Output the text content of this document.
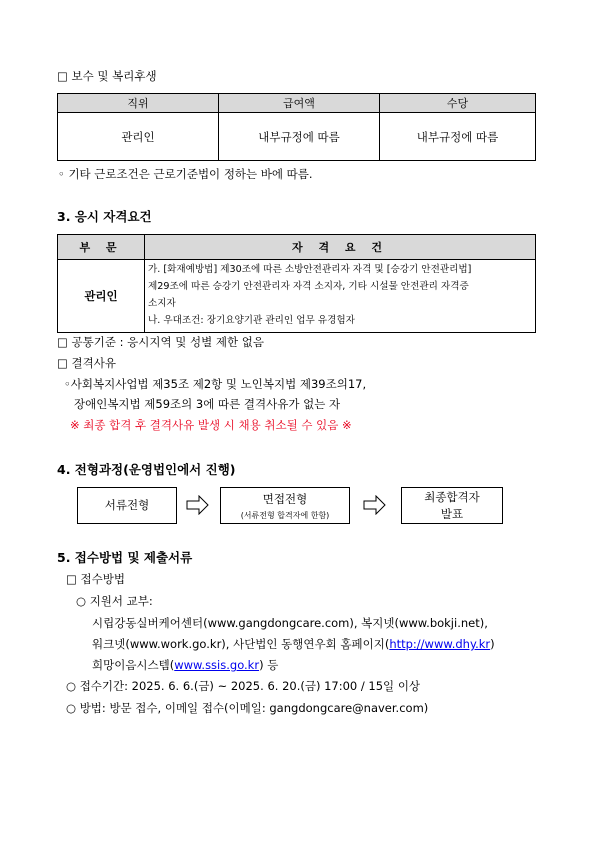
□ 보수 및 복리후생
직위	급여액	수당
관리인	내부규정에 따름	내부규정에 따름
◦ 기타 근로조건은 근로기준법이 정하는 바에 따름.
3. 응시 자격요건
부 문	자 격 요 건
관리인	가. [화재예방법] 제30조에 따른 소방안전관리자 자격 및 [승강기 안전관리법]
제29조에 따른 승강기 안전관리자 자격 소지자, 기타 시설물 안전관리 자격증
소지자
나. 우대조건: 장기요양기관 관리인 업무 유경험자
□ 공통기준 : 응시지역 및 성별 제한 없음
□ 결격사유
◦사회복지사업법 제35조 제2항 및 노인복지법 제39조의17,
장애인복지법 제59조의 3에 따른 결격사유가 없는 자
※ 최종 합격 후 결격사유 발생 시 채용 취소될 수 있음 ※
4. 전형과정(운영법인에서 진행)
서류전형	면접전형
(서류전형 합격자에 한함)
최종합격자
발표
5. 접수방법 및 제출서류
□ 접수방법
○ 지원서 교부:
시립강동실버케어센터(www.gangdongcare.com), 복지넷(www.bokji.net),
워크넷(www.work.go.kr), 사단법인 동행연우회 홈페이지(http://www.dhy.kr)
희망이음시스템(www.ssis.go.kr) 등
○ 접수기간: 2025. 6. 6.(금) ~ 2025. 6. 20.(금) 17:00 / 15일 이상
○ 방법: 방문 접수, 이메일 접수(이메일: gangdongcare@naver.com)
